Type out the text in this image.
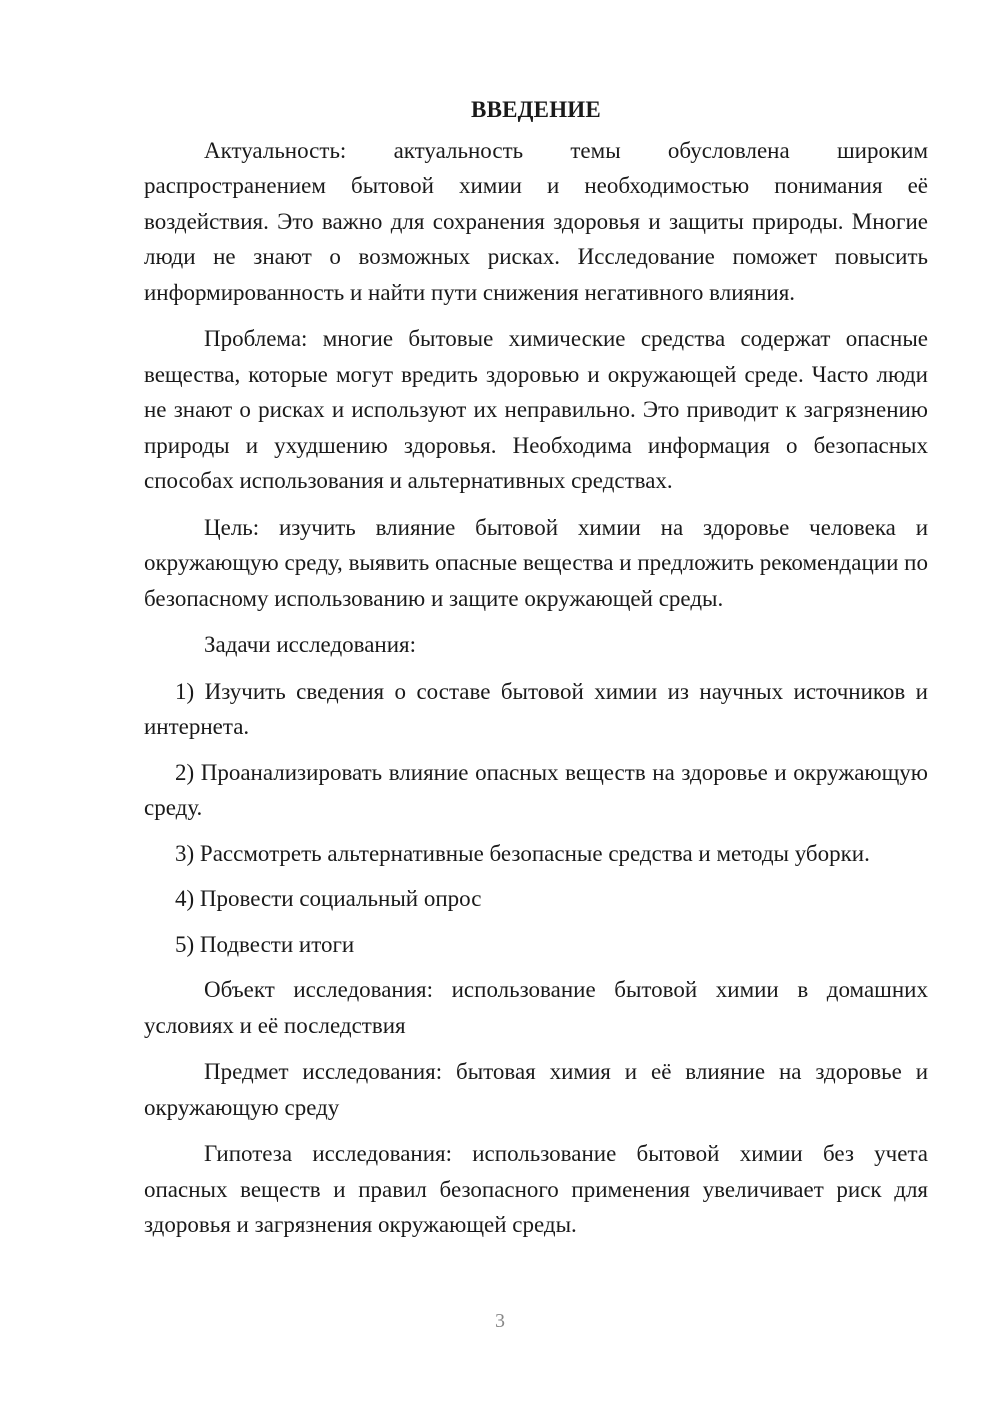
ВВЕДЕНИЕ

Актуальность: актуальность темы обусловлена широким распространением бытовой химии и необходимостью понимания её воздействия. Это важно для сохранения здоровья и защиты природы. Многие люди не знают о возможных рисках. Исследование поможет повысить информированность и найти пути снижения негативного влияния.

Проблема: многие бытовые химические средства содержат опасные вещества, которые могут вредить здоровью и окружающей среде. Часто люди не знают о рисках и используют их неправильно. Это приводит к загрязнению природы и ухудшению здоровья. Необходима информация о безопасных способах использования и альтернативных средствах.

Цель: изучить влияние бытовой химии на здоровье человека и окружающую среду, выявить опасные вещества и предложить рекомендации по безопасному использованию и защите окружающей среды.

Задачи исследования:

1) Изучить сведения о составе бытовой химии из научных источников и интернета.

2) Проанализировать влияние опасных веществ на здоровье и окружающую среду.

3) Рассмотреть альтернативные безопасные средства и методы уборки.

4) Провести социальный опрос

5) Подвести итоги

Объект исследования: использование бытовой химии в домашних условиях и её последствия

Предмет исследования: бытовая химия и её влияние на здоровье и окружающую среду

Гипотеза исследования: использование бытовой химии без учета опасных веществ и правил безопасного применения увеличивает риск для здоровья и загрязнения окружающей среды.

3
